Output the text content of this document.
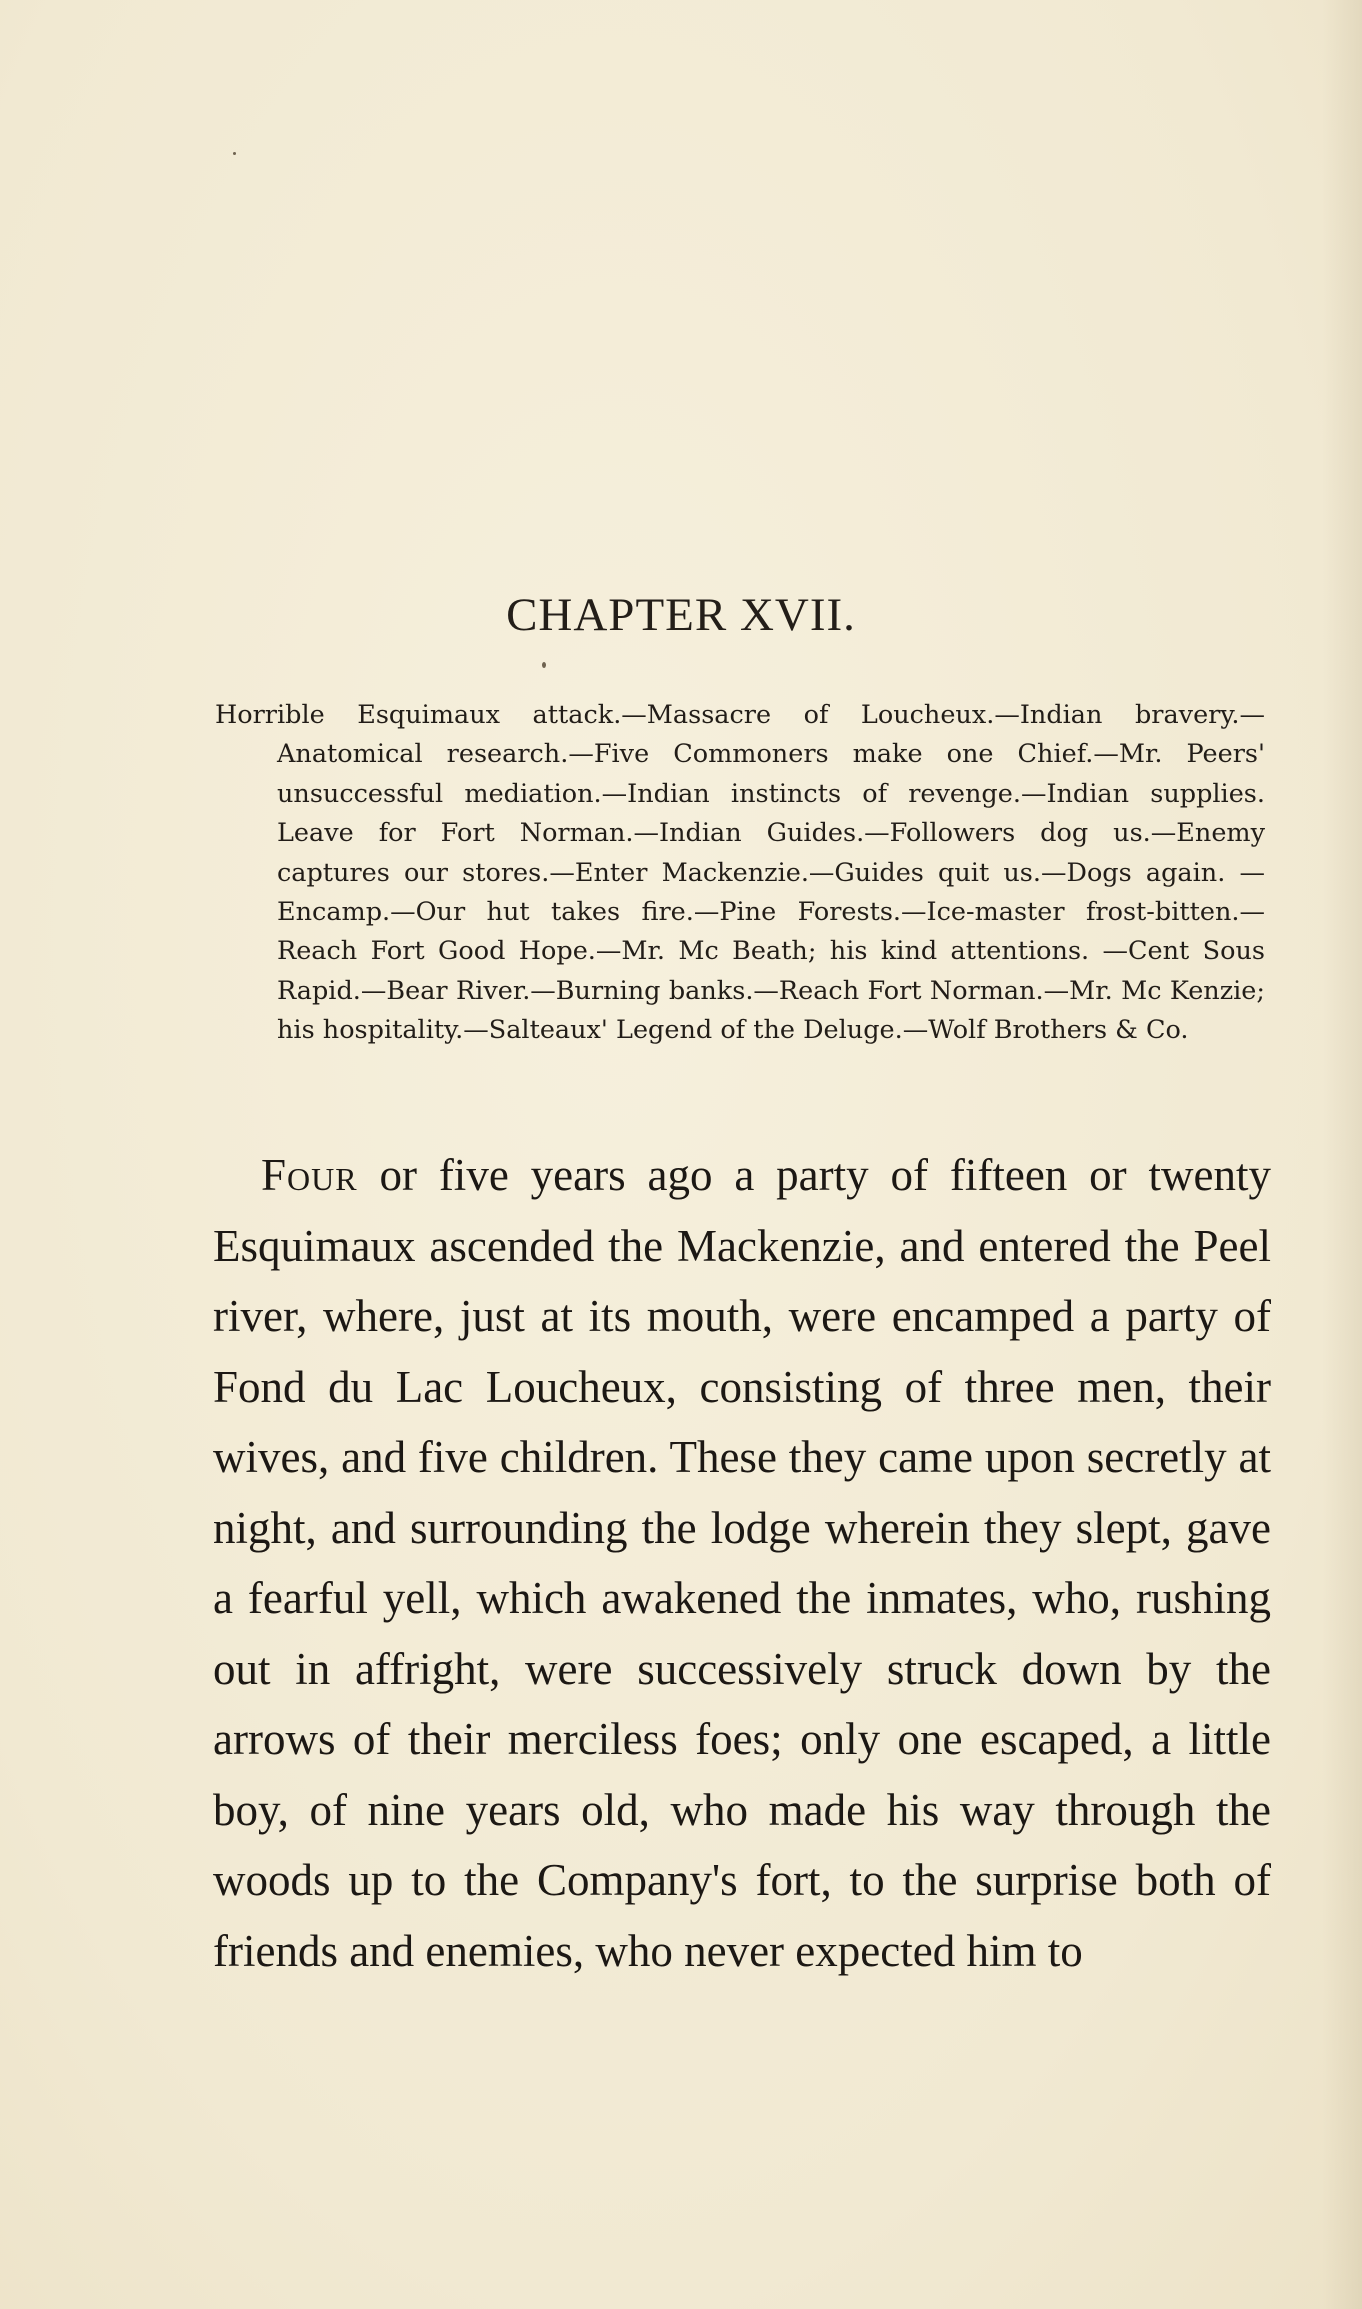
CHAPTER XVII.

Horrible Esquimaux attack.—Massacre of Loucheux.—Indian bravery.— Anatomical research.—Five Commoners make one Chief.—Mr. Peers' unsuccessful mediation.—Indian instincts of revenge.—Indian supplies. Leave for Fort Norman.—Indian Guides.—Followers dog us.—Enemy captures our stores.—Enter Mackenzie.—Guides quit us.—Dogs again. —Encamp.—Our hut takes fire.—Pine Forests.—Ice-master frost-bitten.—Reach Fort Good Hope.—Mr. Mc Beath; his kind attentions. —Cent Sous Rapid.—Bear River.—Burning banks.—Reach Fort Norman.—Mr. Mc Kenzie; his hospitality.—Salteaux' Legend of the Deluge.—Wolf Brothers & Co.

Four or five years ago a party of fifteen or twenty Esquimaux ascended the Mackenzie, and entered the Peel river, where, just at its mouth, were encamped a party of Fond du Lac Loucheux, consisting of three men, their wives, and five children. These they came upon secretly at night, and surrounding the lodge wherein they slept, gave a fearful yell, which awakened the inmates, who, rushing out in affright, were successively struck down by the arrows of their merciless foes; only one escaped, a little boy, of nine years old, who made his way through the woods up to the Company's fort, to the surprise both of friends and enemies, who never expected him to
